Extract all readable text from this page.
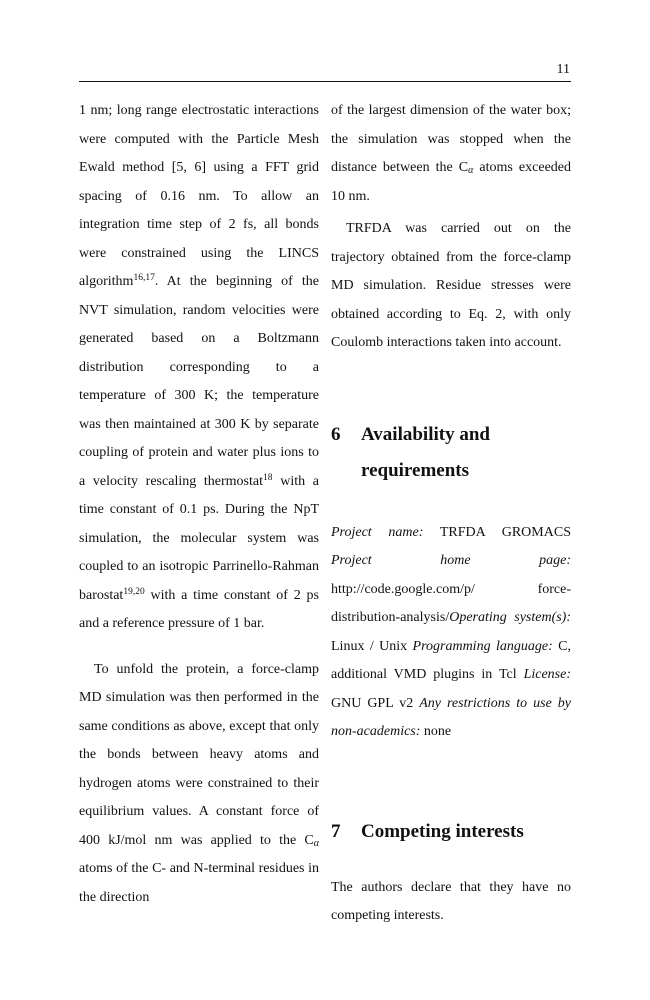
11

1 nm; long range electrostatic interactions were computed with the Particle Mesh Ewald method [5, 6] using a FFT grid spacing of 0.16 nm. To allow an integration time step of 2 fs, all bonds were constrained using the LINCS algorithm$^{16,17}$. At the beginning of the NVT simulation, random velocities were generated based on a Boltzmann distribution corresponding to a temperature of 300 K; the temperature was then maintained at 300 K by separate coupling of protein and water plus ions to a velocity rescaling thermostat$^{18}$ with a time constant of 0.1 ps. During the NpT simulation, the molecular system was coupled to an isotropic Parrinello-Rahman barostat$^{19,20}$ with a time constant of 2 ps and a reference pressure of 1 bar.

To unfold the protein, a force-clamp MD simulation was then performed in the same conditions as above, except that only the bonds between heavy atoms and hydrogen atoms were constrained to their equilibrium values. A constant force of 400 kJ/mol nm was applied to the $C_\alpha$ atoms of the C- and N-terminal residues in the direction

of the largest dimension of the water box; the simulation was stopped when the distance between the $C_\alpha$ atoms exceeded 10 nm.

TRFDA was carried out on the trajectory obtained from the force-clamp MD simulation. Residue stresses were obtained according to Eq. 2, with only Coulomb interactions taken into account.

6	Availability and requirements

Project name: TRFDA GROMACS Project home page: http://code.google.com/p/ force-distribution-analysis/Operating system(s): Linux / Unix Programming language: C, additional VMD plugins in Tcl License: GNU GPL v2 Any restrictions to use by non-academics: none

7	Competing interests

The authors declare that they have no competing interests.
